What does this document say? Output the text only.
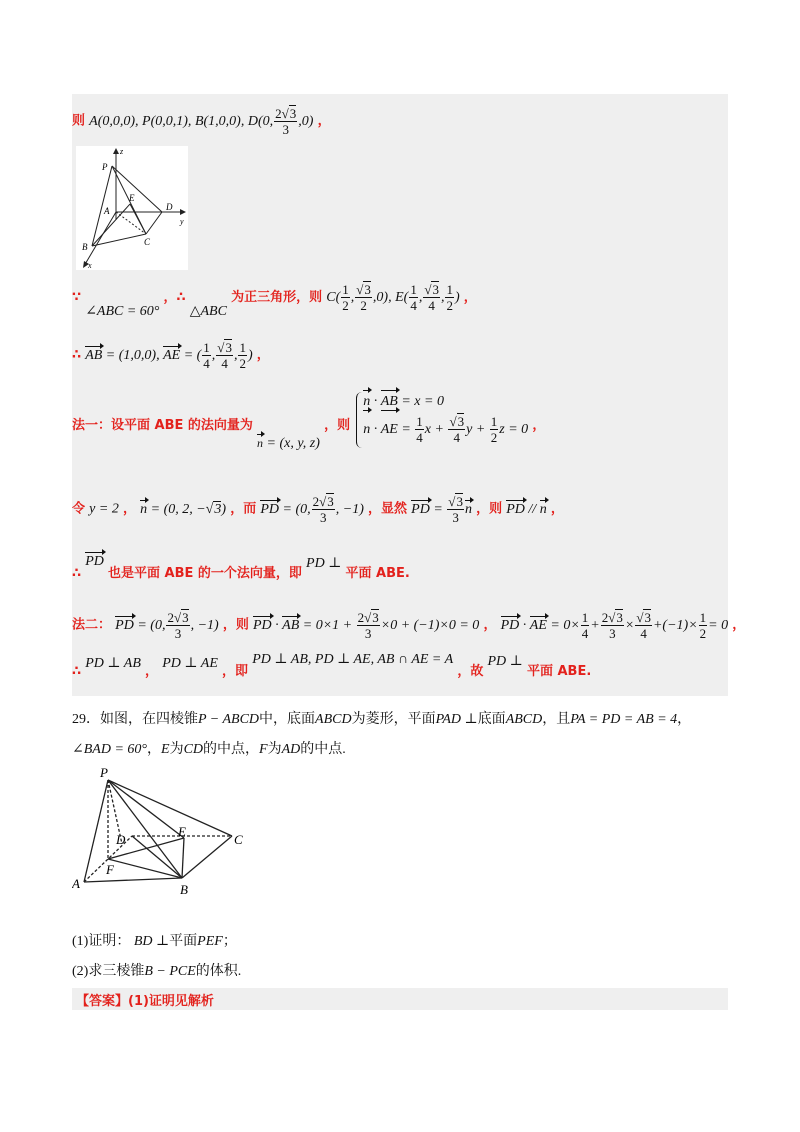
则 A(0,0,0), P(0,0,1), B(1,0,0), D(0, $\frac{2√3}{3} ,0$) ，
z
y
x
P
E
A	D
B	C
∵ ∠ABC = 60° ，∴ △ABC 为正三角形，则 $C( \frac{1}{2}$ , $\frac{√3}{2} ,0$), $E( \frac{1}{4}$ , $\frac{√3}{4}$ , $\frac{1}{2}$ ) ，
∴ AB = (1,0,0), AE = ( $\frac{1}{4}$ , $\frac{√3}{4}$ , $\frac{1}{2}$ ) ，
法一：设平面 ABE 的法向量为 n = (x, y, z) ，则
n · AB = x = 0
n · AE = $\frac{1}{4}$ $x + \frac{√3}{4}$ $y + \frac{1}{2}$ z = 0 ，
令 y = 2 ， n = (0, 2, −√3) ，而 PD = (0, $\frac{2√3}{3}$ , −1) ，显然 PD = $\frac{√3}{3}$ n ，则 PD // n ，
∴ PD 也是平面 ABE 的一个法向量，即 PD ⊥ 平面 ABE.
法二： PD = (0, $\frac{2√3}{3}$ , −1) ，则 PD · AB = $0\times 1 + \frac{2√3}{3} \times 0 + (-1)\times 0 = 0$ ， PD · AE = $0\times \frac{1}{4} + \frac{2√3}{3} \times \frac{√3}{4} +(-1)\times \frac{1}{2} = 0$ ，
∴ PD ⊥ AB ， PD ⊥ AE ，即 PD ⊥ AB, PD ⊥ AE, AB ∩ AE = A ，故 PD ⊥ 平面 ABE.
29．如图，在四棱锥P − ABCD中，底面ABCD为菱形，平面PAD ⊥底面ABCD，且PA = PD = AB = 4，
∠BAD = 60°，E为CD的中点，F为AD的中点.
P
D
E
C
F
A	B
(1)证明： BD ⊥平面PEF；
(2)求三棱锥B − PCE的体积.
【答案】(1)证明见解析
